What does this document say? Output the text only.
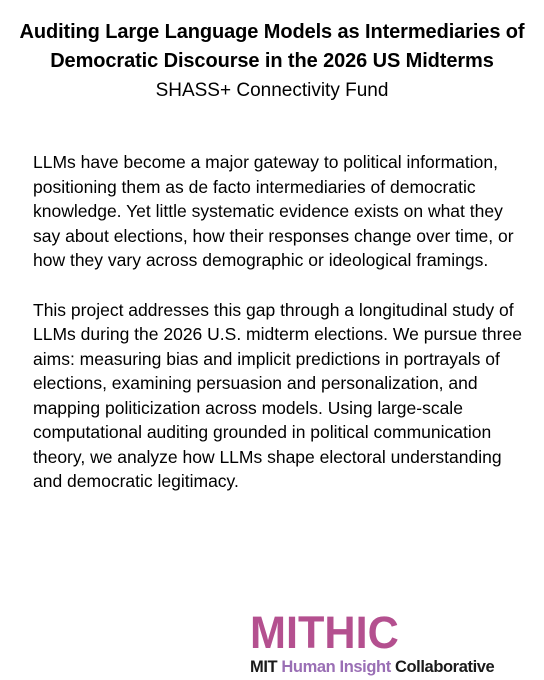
Auditing Large Language Models as Intermediaries of Democratic Discourse in the 2026 US Midterms
SHASS+ Connectivity Fund

LLMs have become a major gateway to political information, positioning them as de facto intermediaries of democratic knowledge. Yet little systematic evidence exists on what they say about elections, how their responses change over time, or how they vary across demographic or ideological framings.

This project addresses this gap through a longitudinal study of LLMs during the 2026 U.S. midterm elections. We pursue three aims: measuring bias and implicit predictions in portrayals of elections, examining persuasion and personalization, and mapping politicization across models. Using large-scale computational auditing grounded in political communication theory, we analyze how LLMs shape electoral understanding and democratic legitimacy.

MITHIC
MIT Human Insight Collaborative
